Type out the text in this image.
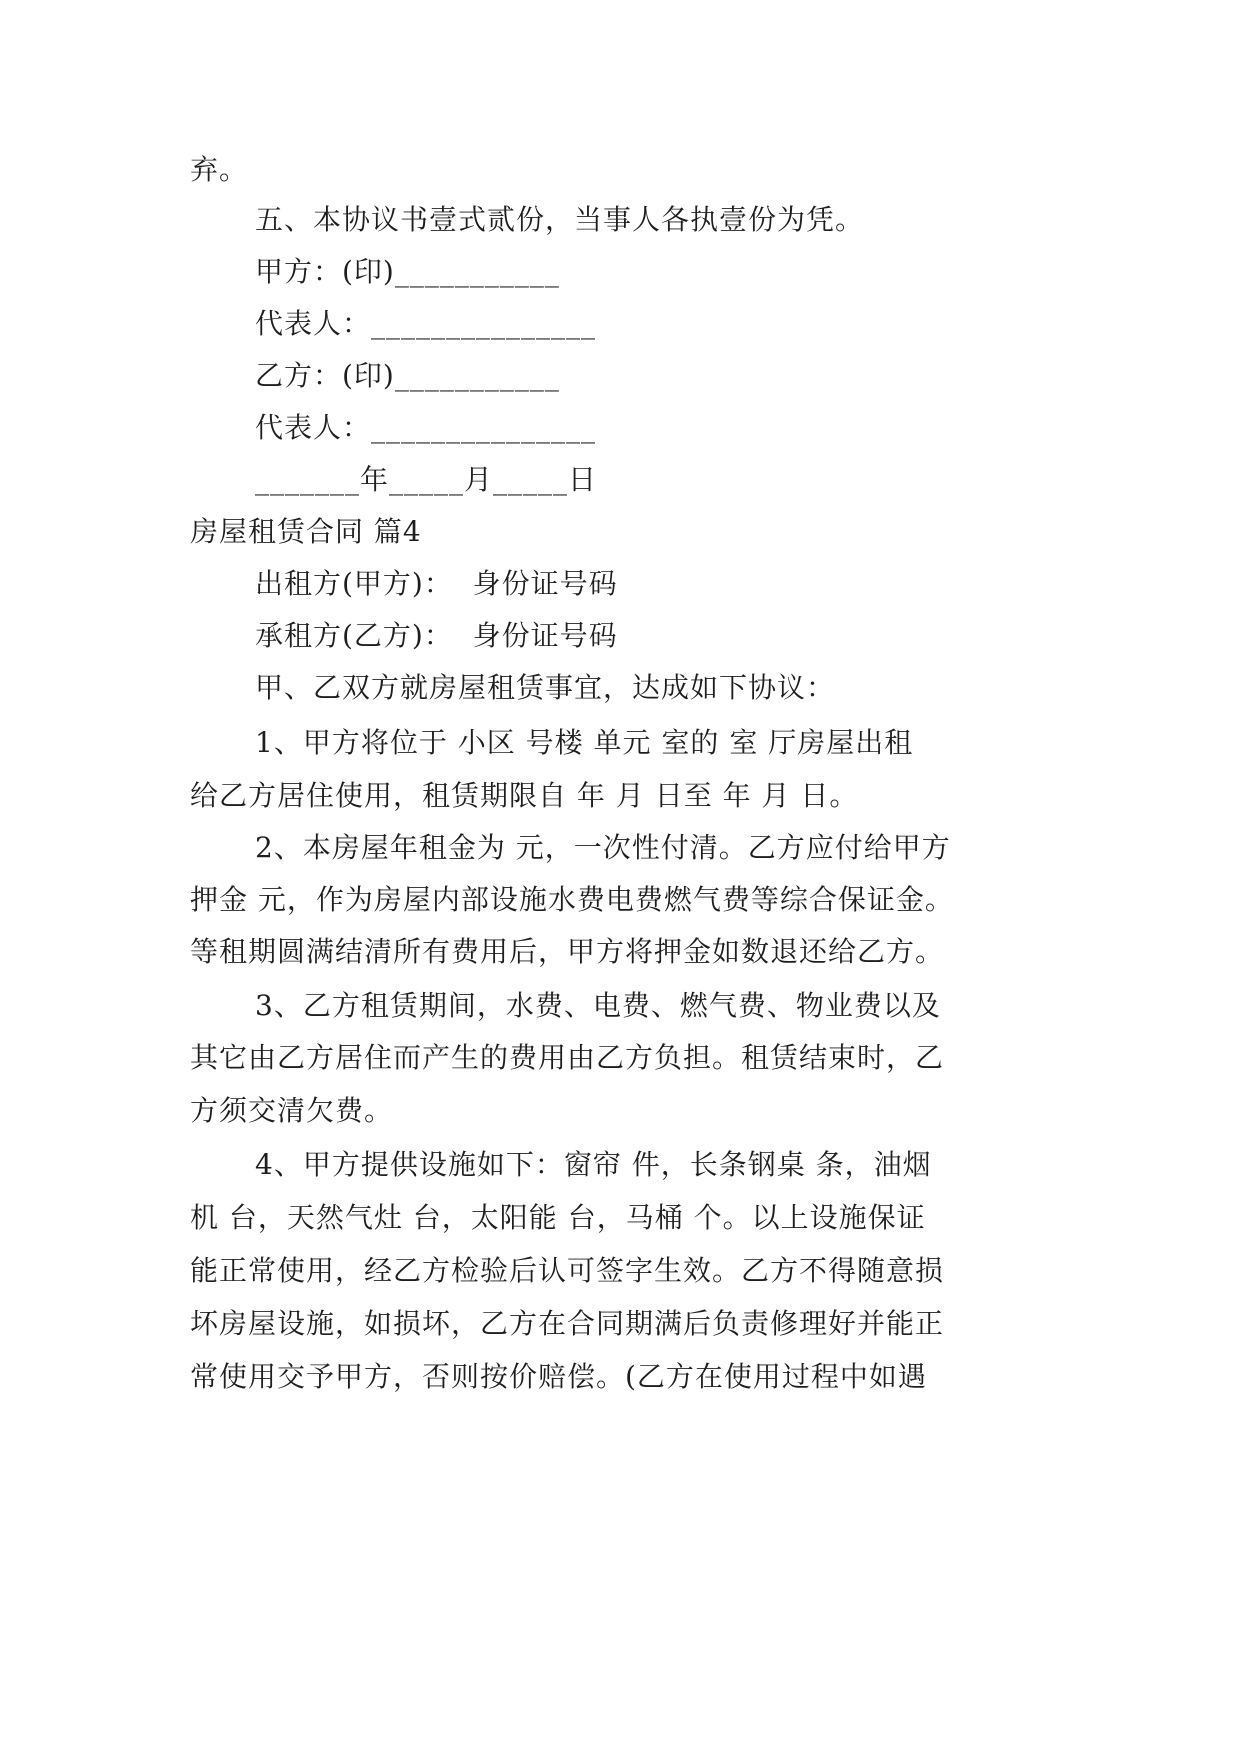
弃。
五、本协议书壹式贰份，当事人各执壹份为凭。
甲方：(印)___________
代表人：_______________
乙方：(印)___________
代表人：_______________
_______年_____月_____日
房屋租赁合同 篇4
出租方(甲方)：  身份证号码
承租方(乙方)：  身份证号码
甲、乙双方就房屋租赁事宜，达成如下协议：
1、甲方将位于 小区 号楼 单元 室的 室 厅房屋出租
给乙方居住使用，租赁期限自 年 月 日至 年 月 日。
2、本房屋年租金为 元，一次性付清。乙方应付给甲方
押金 元，作为房屋内部设施水费电费燃气费等综合保证金。
等租期圆满结清所有费用后，甲方将押金如数退还给乙方。
3、乙方租赁期间，水费、电费、燃气费、物业费以及
其它由乙方居住而产生的费用由乙方负担。租赁结束时，乙
方须交清欠费。
4、甲方提供设施如下：窗帘 件，长条钢桌 条，油烟
机 台，天然气灶 台，太阳能 台，马桶 个。以上设施保证
能正常使用，经乙方检验后认可签字生效。乙方不得随意损
坏房屋设施，如损坏，乙方在合同期满后负责修理好并能正
常使用交予甲方，否则按价赔偿。(乙方在使用过程中如遇
